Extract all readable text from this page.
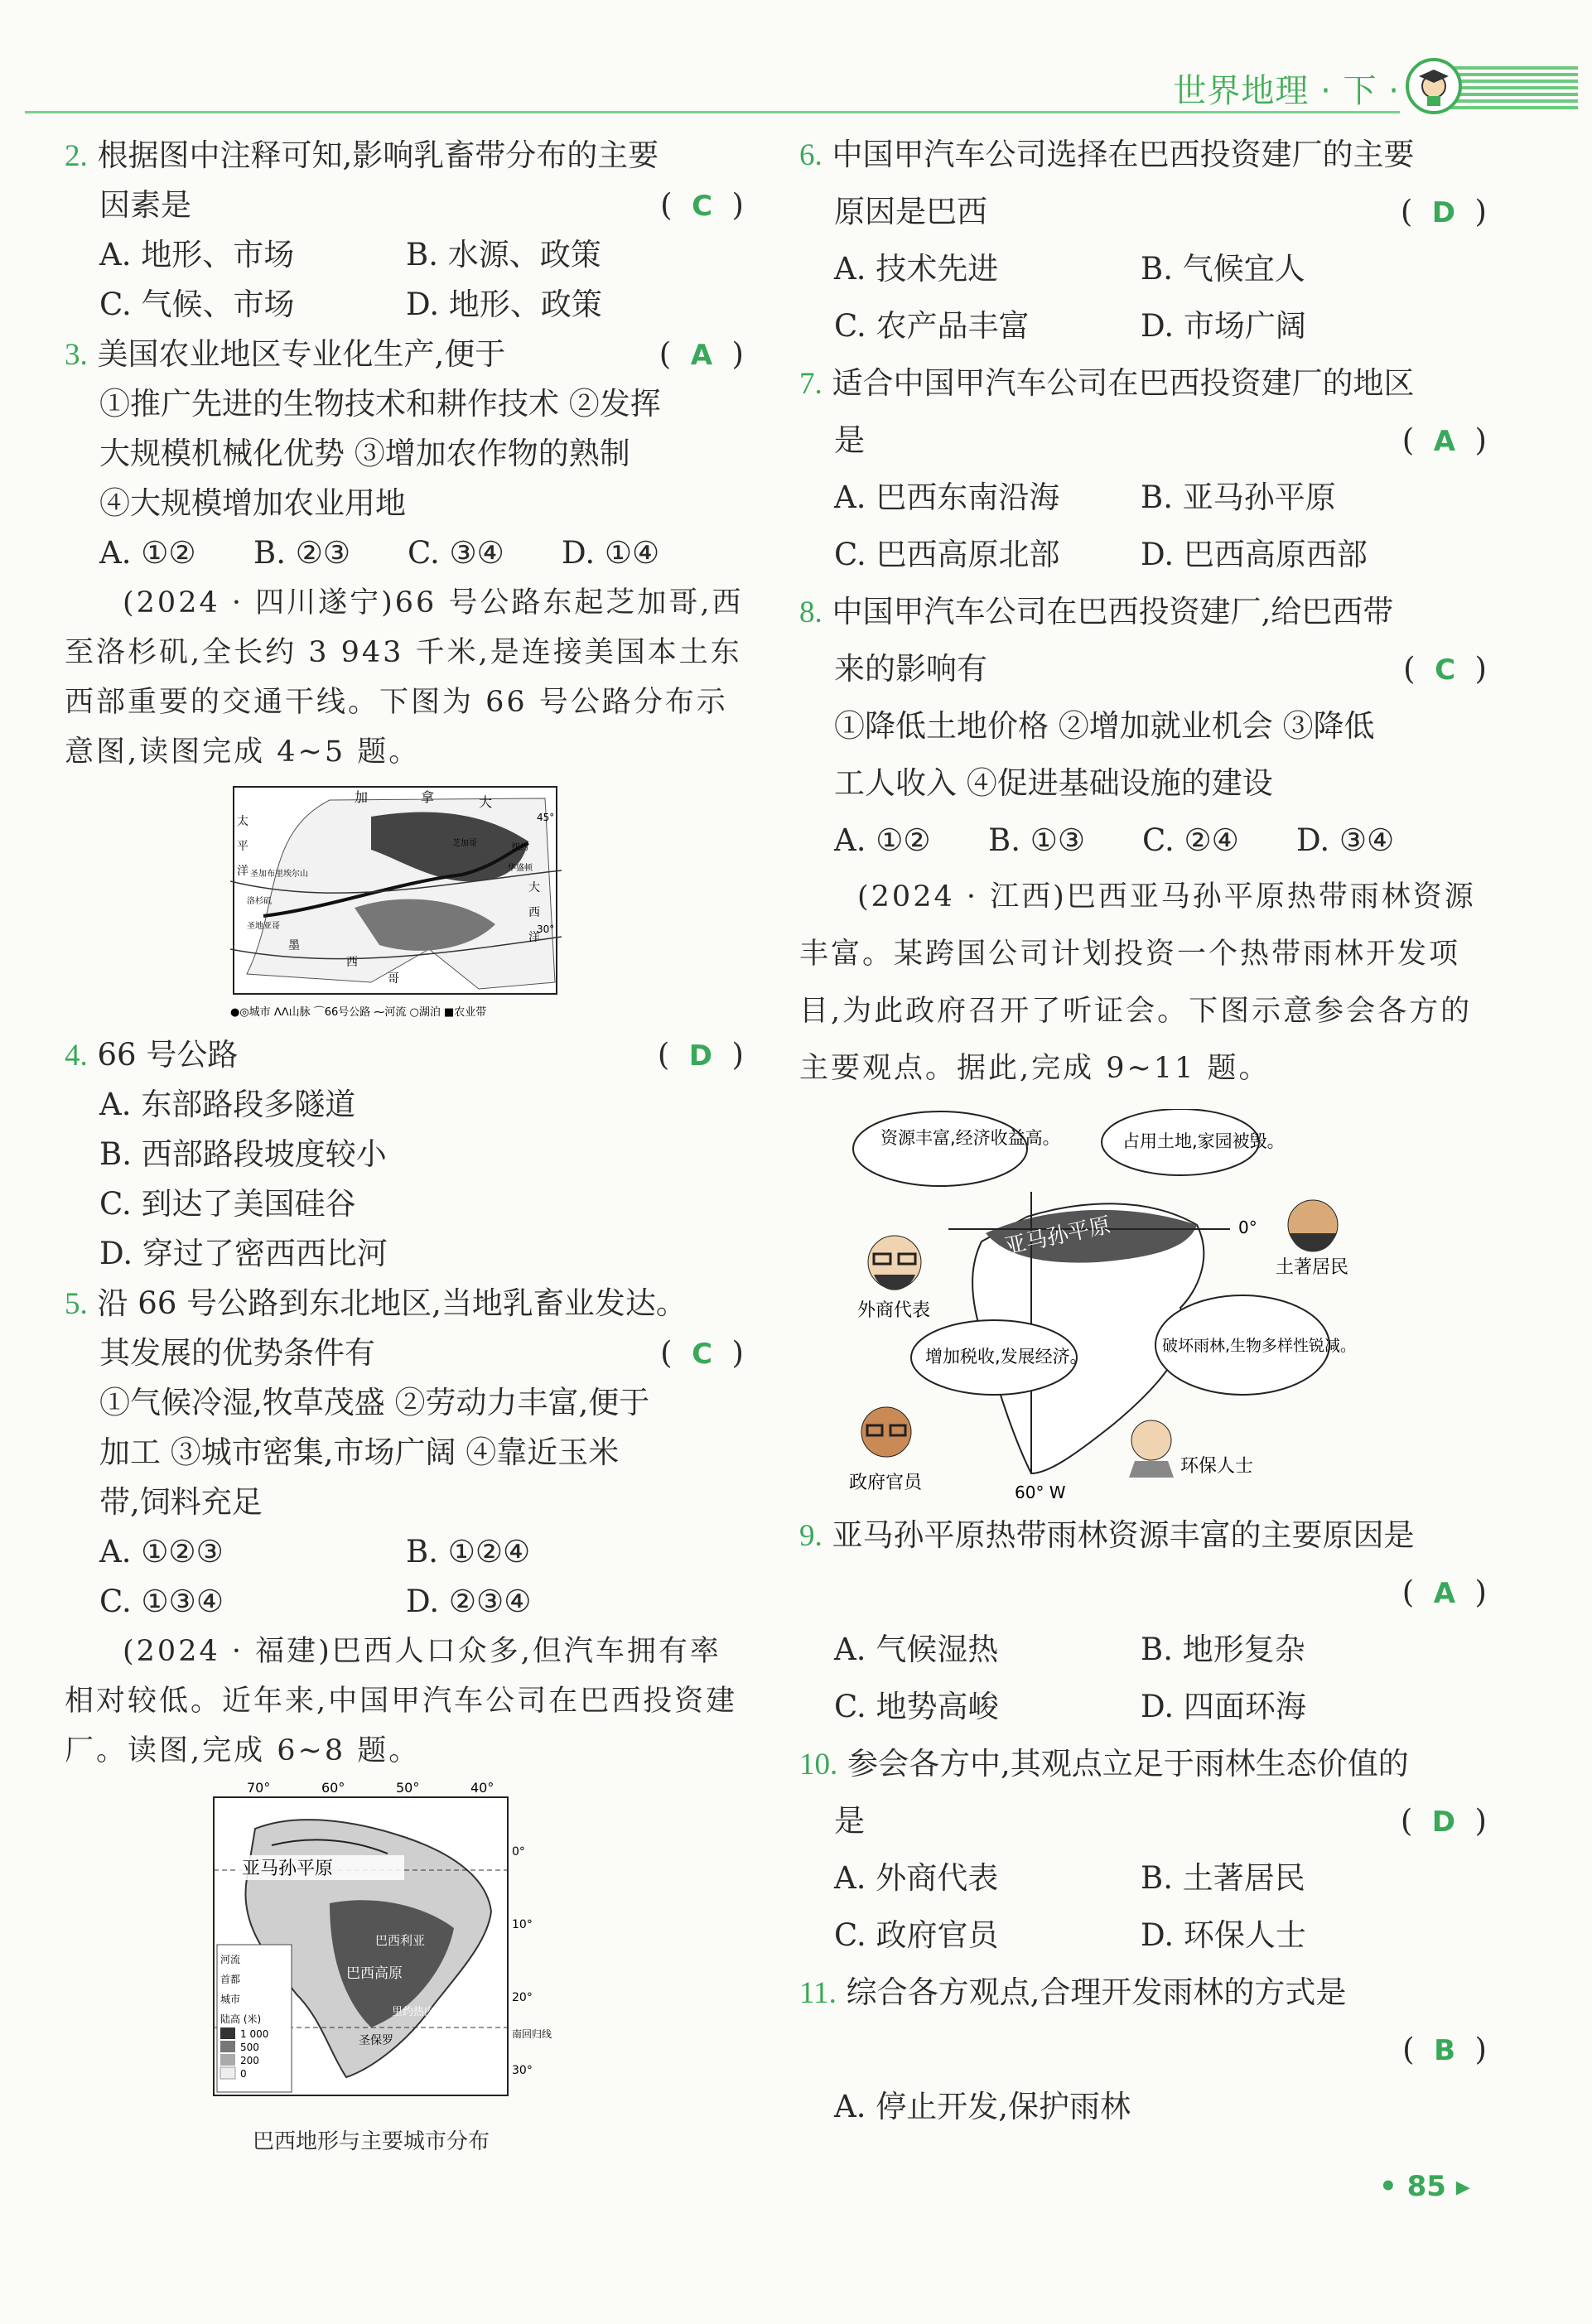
世界地理 · 下 ·
2. 根据图中注释可知,影响乳畜带分布的主要
因素是	(  C  )
A. 地形、市场	B. 水源、政策
C. 气候、市场	D. 地形、政策
3. 美国农业地区专业化生产,便于	(  A  )
①推广先进的生物技术和耕作技术 ②发挥
大规模机械化优势 ③增加农作物的熟制
④大规模增加农业用地
A. ①②	B. ②③	C. ③④	D. ①④
(2024 · 四川遂宁)66 号公路东起芝加哥,西至洛杉矶,全长约 3 943 千米,是连接美国本土东西部重要的交通干线。下图为 66 号公路分布示意图,读图完成 4~5 题。
加	拿	大
太
平
洋 圣加布里埃尔山
圣地亚哥
洛杉矶
芝加哥	纽约
华盛顿
大
西
洋
墨
西
哥
45°
30°
●◎城市 ᐱᐱ山脉 ⌒66号公路 ⁓河流 ○湖泊 ■农业带
4. 66 号公路	(  D  )
A. 东部路段多隧道
B. 西部路段坡度较小
C. 到达了美国硅谷
D. 穿过了密西西比河
5. 沿 66 号公路到东北地区,当地乳畜业发达。
其发展的优势条件有	(  C  )
①气候冷湿,牧草茂盛 ②劳动力丰富,便于
加工 ③城市密集,市场广阔 ④靠近玉米
带,饲料充足
A. ①②③	B. ①②④
C. ①③④	D. ②③④
(2024 · 福建)巴西人口众多,但汽车拥有率相对较低。近年来,中国甲汽车公司在巴西投资建厂。读图,完成 6~8 题。
70°	60°	50°	40°
0°
10°
20°
30°
亚马孙平原
巴西利亚
巴西高原
里约热内卢
圣保罗	南回归线
河流
首都
城市
陆高 (米)
1 000
500
200
0
巴西地形与主要城市分布
6. 中国甲汽车公司选择在巴西投资建厂的主要
原因是巴西	(  D  )
A. 技术先进	B. 气候宜人
C. 农产品丰富	D. 市场广阔
7. 适合中国甲汽车公司在巴西投资建厂的地区
是	(  A  )
A. 巴西东南沿海	B. 亚马孙平原
C. 巴西高原北部	D. 巴西高原西部
8. 中国甲汽车公司在巴西投资建厂,给巴西带
来的影响有	(  C  )
①降低土地价格 ②增加就业机会 ③降低
工人收入 ④促进基础设施的建设
A. ①②	B. ①③	C. ②④	D. ③④
(2024 · 江西)巴西亚马孙平原热带雨林资源丰富。某跨国公司计划投资一个热带雨林开发项目,为此政府召开了听证会。下图示意参会各方的主要观点。据此,完成 9~11 题。
0°
60° W
亚马孙平原
资源丰富,经济收益高。	占用土地,家园被毁。
增加税收,发展经济。
破坏雨林,生物多样性锐减。
外商代表
土著居民
政府官员
环保人士
9. 亚马孙平原热带雨林资源丰富的主要原因是
(  A  )
A. 气候湿热	B. 地形复杂
C. 地势高峻	D. 四面环海
10. 参会各方中,其观点立足于雨林生态价值的
是	(  D  )
A. 外商代表	B. 土著居民
C. 政府官员	D. 环保人士
11. 综合各方观点,合理开发雨林的方式是
(  B  )
A. 停止开发,保护雨林
• 85 ▸
